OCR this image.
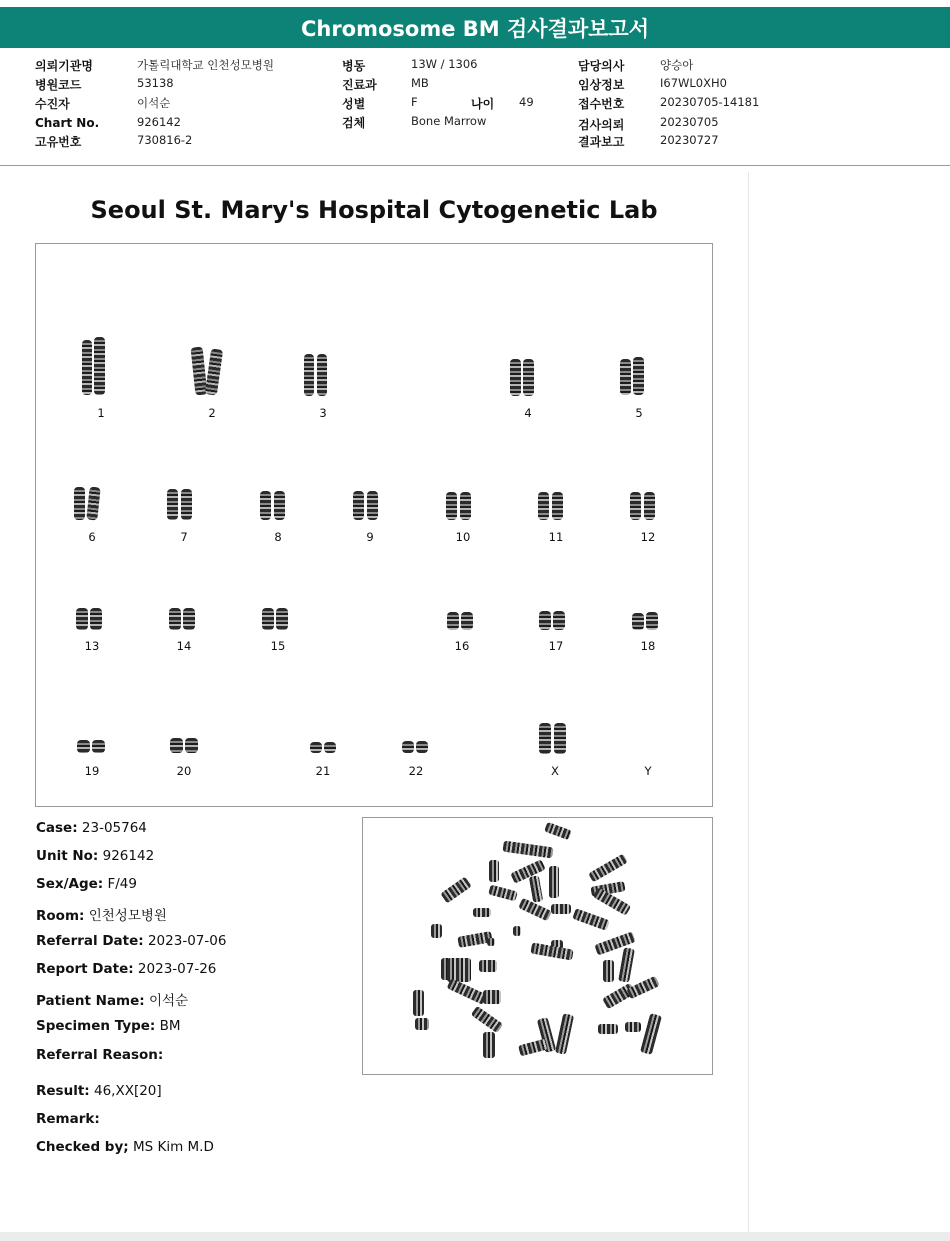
Chromosome BM 검사결과보고서
의뢰기관명	가톨릭대학교 인천성모병원
병원코드	53138
수진자	이석순
Chart No.	926142
고유번호	730816-2
병동	13W / 1306
진료과	MB
성별	F	나이 49
검체	Bone Marrow
담당의사	양승아
임상정보	I67WL0XH0
접수번호	20230705-14181
검사의뢰	20230705
결과보고	20230727
Seoul St. Mary's Hospital Cytogenetic Lab
1	2	3	4	5
6	7	8	9	10	11	12
13	14	15	16	17	18
19	20	21	22	X	Y
Case: 23-05764
Unit No: 926142
Sex/Age: F/49
Room: 인천성모병원
Referral Date: 2023-07-06
Report Date: 2023-07-26
Patient Name: 이석순
Specimen Type: BM
Referral Reason:
Result: 46,XX[20]
Remark:
Checked by; MS Kim M.D
